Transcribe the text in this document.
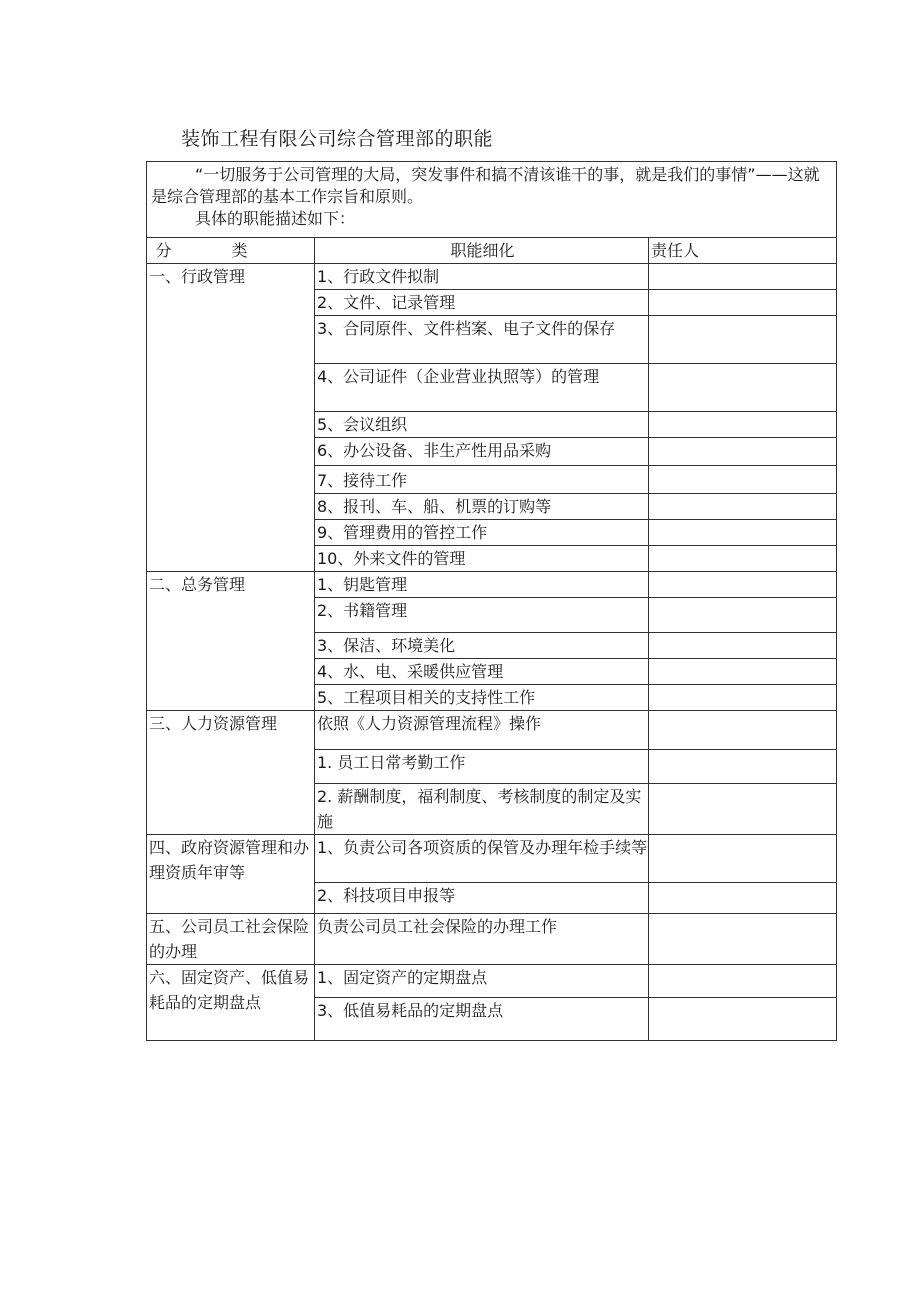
装饰工程有限公司综合管理部的职能

“一切服务于公司管理的大局，突发事件和搞不清该谁干的事，就是我们的事情”——这就是综合管理部的基本工作宗旨和原则。

具体的职能描述如下：		

分类	职能细化	责任人
一、行政管理	1、行政文件拟制	
	2、文件、记录管理	
	3、合同原件、文件档案、电子文件的保存	
	4、公司证件（企业营业执照等）的管理	
	5、会议组织	
	6、办公设备、非生产性用品采购	
	7、接待工作	
	8、报刊、车、船、机票的订购等	
	9、管理费用的管控工作	
	10、外来文件的管理	
二、总务管理	1、钥匙管理	
	2、书籍管理	
	3、保洁、环境美化	
	4、水、电、采暖供应管理	
	5、工程项目相关的支持性工作	
三、人力资源管理	依照《人力资源管理流程》操作	
	1. 员工日常考勤工作	
	2. 薪酬制度，福利制度、考核制度的制定及实施	
四、政府资源管理和办理资质年审等	1、负责公司各项资质的保管及办理年检手续等	
	2、科技项目申报等	
五、公司员工社会保险的办理	负责公司员工社会保险的办理工作	
六、固定资产、低值易耗品的定期盘点	1、固定资产的定期盘点	
	3、低值易耗品的定期盘点	
